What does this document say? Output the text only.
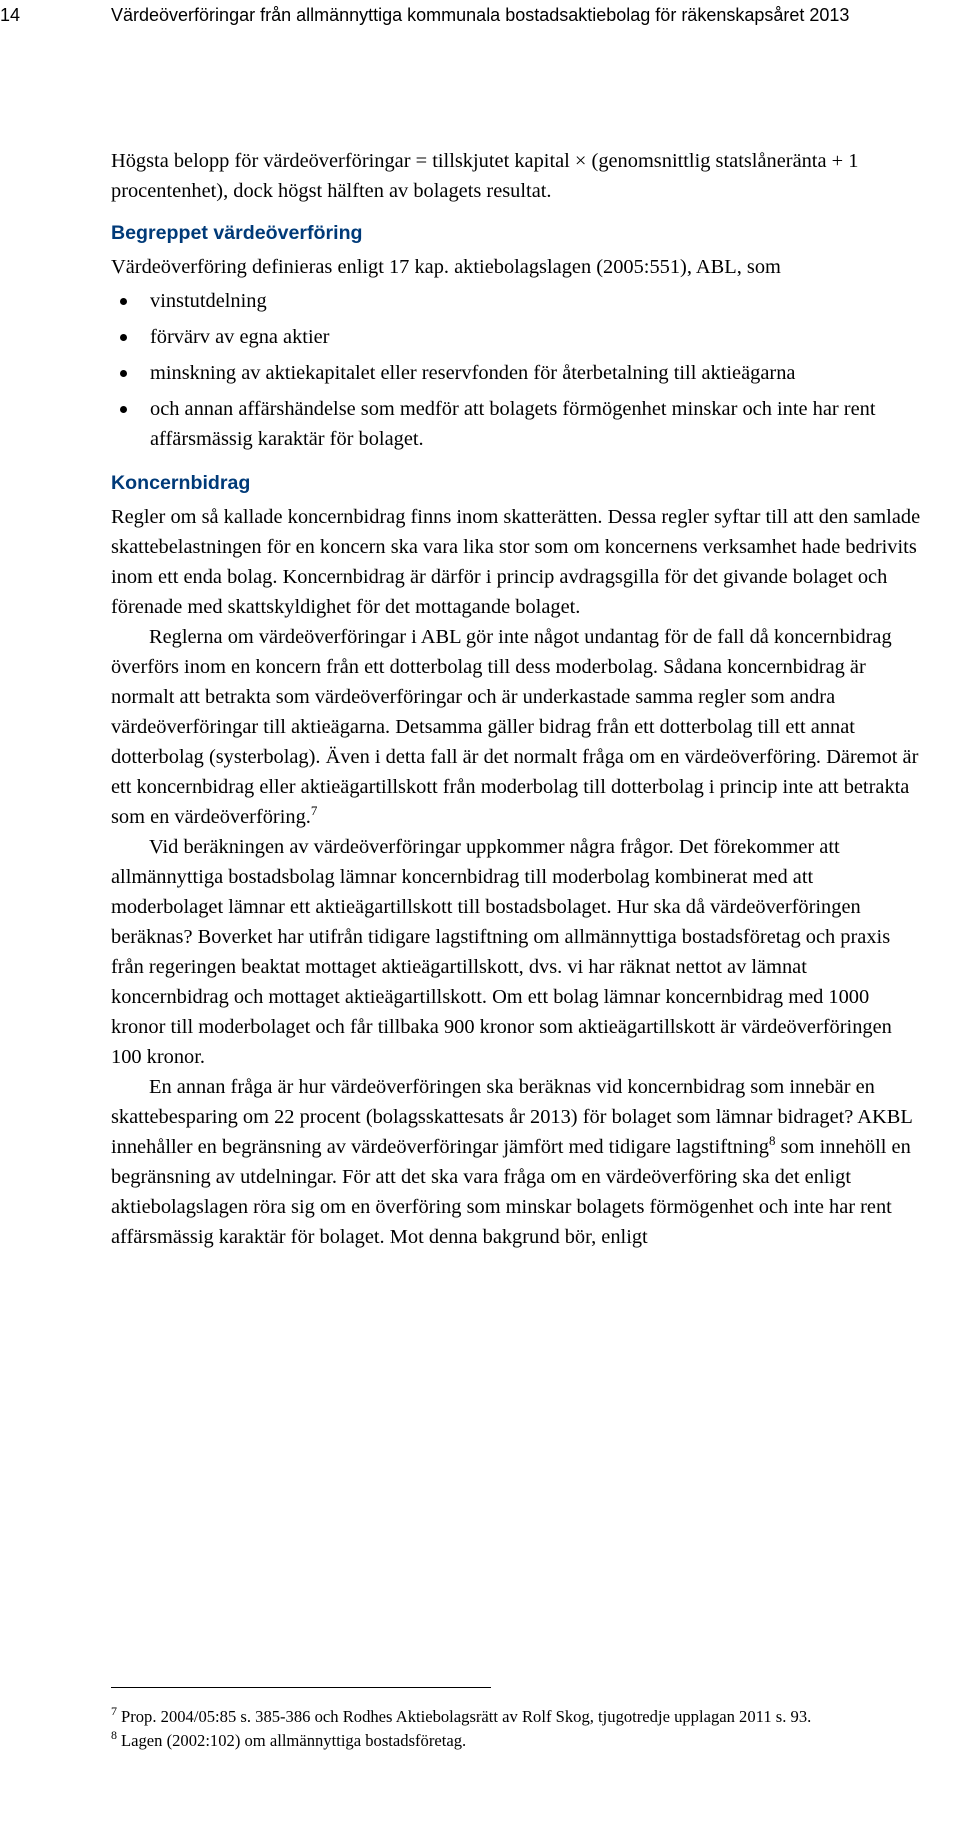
14	Värdeöverföringar från allmännyttiga kommunala bostadsaktiebolag för räkenskapsåret 2013

Högsta belopp för värdeöverföringar = tillskjutet kapital × (genomsnittlig statslåneränta + 1 procentenhet), dock högst hälften av bolagets resultat.

Begreppet värdeöverföring

Värdeöverföring definieras enligt 17 kap. aktiebolagslagen (2005:551), ABL, som

vinstutdelning
förvärv av egna aktier
minskning av aktiekapitalet eller reservfonden för återbetalning till aktieägarna
och annan affärshändelse som medför att bolagets förmögenhet minskar och inte har rent affärsmässig karaktär för bolaget.

Koncernbidrag

Regler om så kallade koncernbidrag finns inom skatterätten. Dessa regler syftar till att den samlade skattebelastningen för en koncern ska vara lika stor som om koncernens verksamhet hade bedrivits inom ett enda bolag. Koncernbidrag är därför i princip avdragsgilla för det givande bolaget och förenade med skattskyldighet för det mottagande bolaget.

Reglerna om värdeöverföringar i ABL gör inte något undantag för de fall då koncernbidrag överförs inom en koncern från ett dotterbolag till dess moderbolag. Sådana koncernbidrag är normalt att betrakta som värdeöverföringar och är underkastade samma regler som andra värdeöverföringar till aktieägarna. Detsamma gäller bidrag från ett dotterbolag till ett annat dotterbolag (systerbolag). Även i detta fall är det normalt fråga om en värdeöverföring. Däremot är ett koncernbidrag eller aktieägartillskott från moderbolag till dotterbolag i princip inte att betrakta som en värdeöverföring.$^7$

Vid beräkningen av värdeöverföringar uppkommer några frågor. Det förekommer att allmännyttiga bostadsbolag lämnar koncernbidrag till moderbolag kombinerat med att moderbolaget lämnar ett aktieägartillskott till bostadsbolaget. Hur ska då värdeöverföringen beräknas? Boverket har utifrån tidigare lagstiftning om allmännyttiga bostadsföretag och praxis från regeringen beaktat mottaget aktieägartillskott, dvs. vi har räknat nettot av lämnat koncernbidrag och mottaget aktieägartillskott. Om ett bolag lämnar koncernbidrag med 1000 kronor till moderbolaget och får tillbaka 900 kronor som aktieägartillskott är värdeöverföringen 100 kronor.

En annan fråga är hur värdeöverföringen ska beräknas vid koncernbidrag som innebär en skattebesparing om 22 procent (bolagsskattesats år 2013) för bolaget som lämnar bidraget? AKBL innehåller en begränsning av värdeöverföringar jämfört med tidigare lagstiftning$^8$ som innehöll en begränsning av utdelningar. För att det ska vara fråga om en värdeöverföring ska det enligt aktiebolagslagen röra sig om en överföring som minskar bolagets förmögenhet och inte har rent affärsmässig karaktär för bolaget. Mot denna bakgrund bör, enligt

$^7$ Prop. 2004/05:85 s. 385-386 och Rodhes Aktiebolagsrätt av Rolf Skog, tjugotredje upplagan 2011 s. 93.

$^8$ Lagen (2002:102) om allmännyttiga bostadsföretag.
